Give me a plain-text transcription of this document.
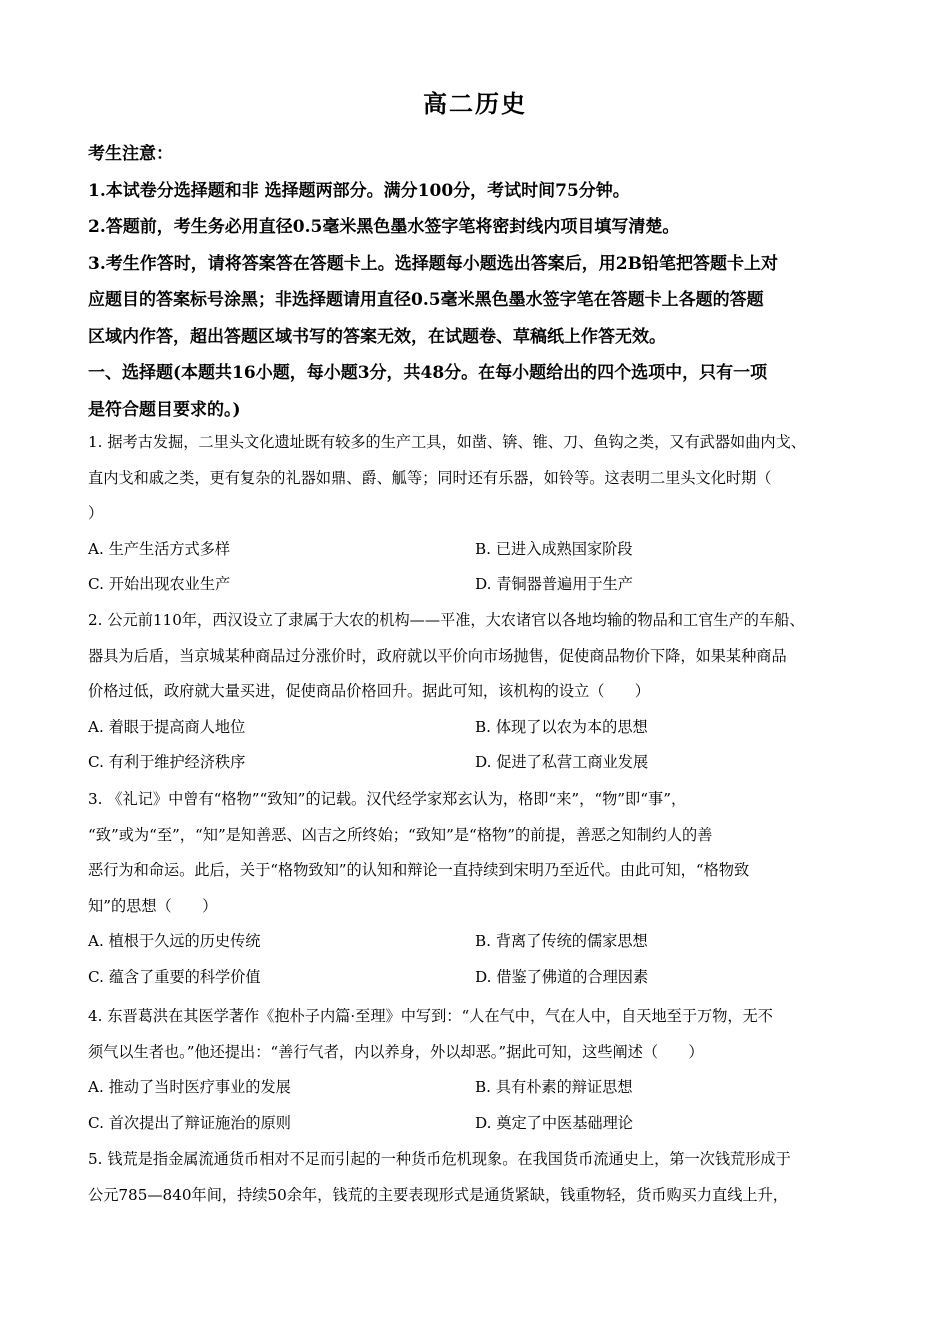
高二历史
考生注意：
1.本试卷分选择题和非 选择题两部分。满分100分，考试时间75分钟。
2.答题前，考生务必用直径0.5毫米黑色墨水签字笔将密封线内项目填写清楚。
3.考生作答时，请将答案答在答题卡上。选择题每小题选出答案后，用2B铅笔把答题卡上对
应题目的答案标号涂黑；非选择题请用直径0.5毫米黑色墨水签字笔在答题卡上各题的答题
区域内作答，超出答题区域书写的答案无效，在试题卷、草稿纸上作答无效。
一、选择题(本题共16小题，每小题3分，共48分。在每小题给出的四个选项中，只有一项
是符合题目要求的。)
1. 据考古发掘，二里头文化遗址既有较多的生产工具，如凿、锛、锥、刀、鱼钩之类，又有武器如曲内戈、
直内戈和戚之类，更有复杂的礼器如鼎、爵、觚等；同时还有乐器，如铃等。这表明二里头文化时期（
）
A. 生产生活方式多样	B. 已进入成熟国家阶段
C. 开始出现农业生产	D. 青铜器普遍用于生产
2. 公元前110年，西汉设立了隶属于大农的机构——平准，大农诸官以各地均输的物品和工官生产的车船、
器具为后盾，当京城某种商品过分涨价时，政府就以平价向市场抛售，促使商品物价下降，如果某种商品
价格过低，政府就大量买进，促使商品价格回升。据此可知，该机构的设立（　　）
A. 着眼于提高商人地位	B. 体现了以农为本的思想
C. 有利于维护经济秩序	D. 促进了私营工商业发展
3. 《礼记》中曾有“格物”“致知”的记载。汉代经学家郑玄认为，格即“来”，“物”即“事”，
“致”或为“至”，“知”是知善恶、凶吉之所终始；“致知”是“格物”的前提，善恶之知制约人的善
恶行为和命运。此后，关于“格物致知”的认知和辩论一直持续到宋明乃至近代。由此可知，“格物致
知”的思想（　　）
A. 植根于久远的历史传统	B. 背离了传统的儒家思想
C. 蕴含了重要的科学价值	D. 借鉴了佛道的合理因素
4. 东晋葛洪在其医学著作《抱朴子内篇·至理》中写到：“人在气中，气在人中，自天地至于万物，无不
须气以生者也。”他还提出：“善行气者，内以养身，外以却恶。”据此可知，这些阐述（　　）
A. 推动了当时医疗事业的发展	B. 具有朴素的辩证思想
C. 首次提出了辩证施治的原则	D. 奠定了中医基础理论
5. 钱荒是指金属流通货币相对不足而引起的一种货币危机现象。在我国货币流通史上，第一次钱荒形成于
公元785—840年间，持续50余年，钱荒的主要表现形式是通货紧缺，钱重物轻，货币购买力直线上升，
